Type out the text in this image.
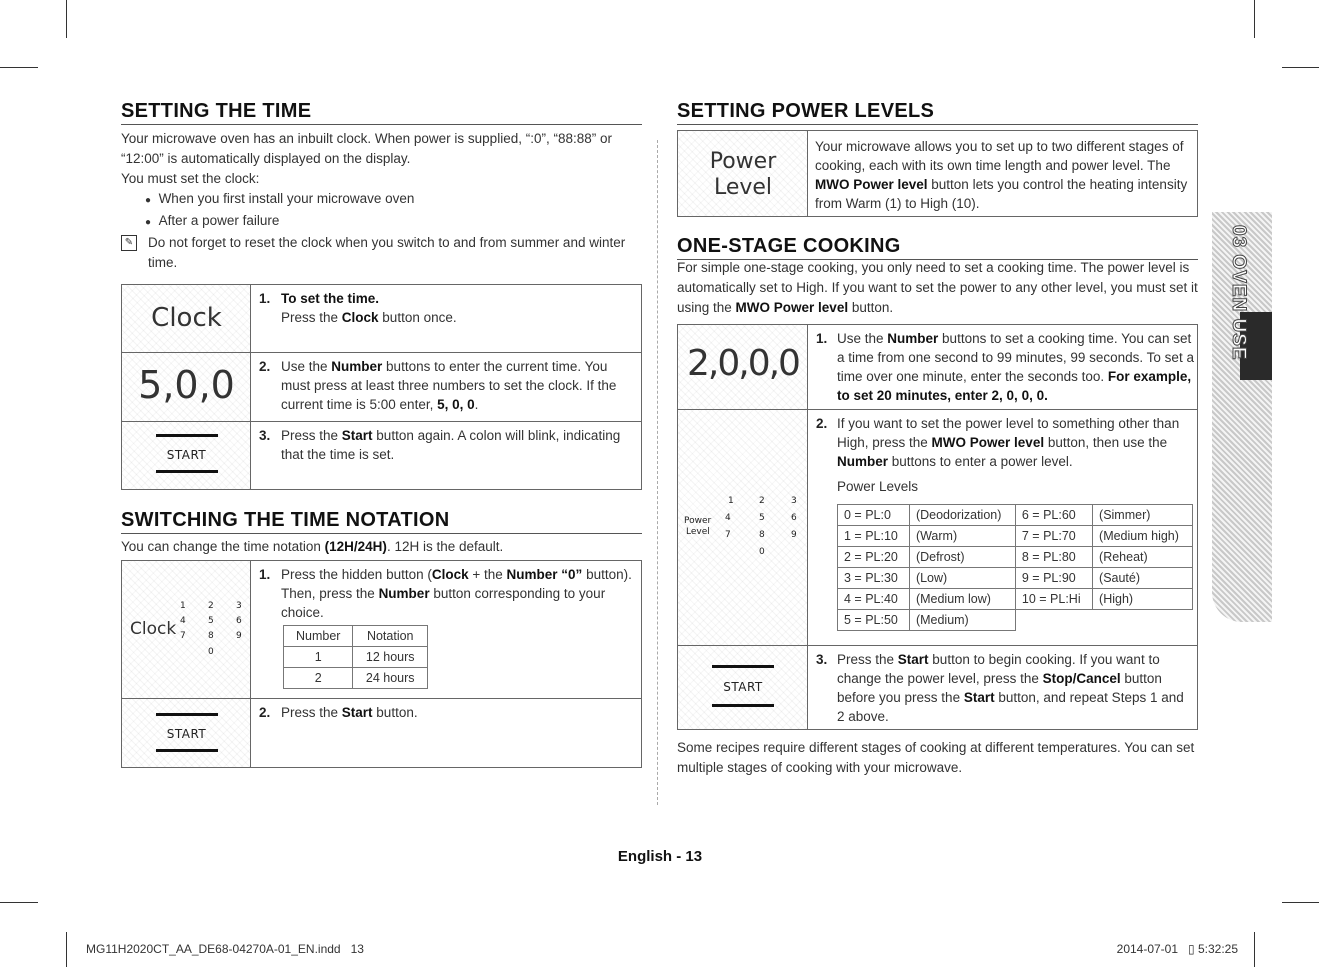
SETTING THE TIME
Your microwave oven has an inbuilt clock. When power is supplied, “:0”, “88:88” or
“12:00” is automatically displayed on the display.
You must set the clock:
● When you first install your microwave oven
● After a power failure
✎ Do not forget to reset the clock when you switch to and from summer and winter
time.
Clock
1. To set the time.
Press the Clock button once.
5,0,0	2. Use the Number buttons to enter the current time. You
must press at least three numbers to set the clock. If the
current time is 5:00 enter, 5, 0, 0.
START
3. Press the Start button again. A colon will blink, indicating
that the time is set.
SWITCHING THE TIME NOTATION
You can change the time notation (12H/24H). 12H is the default.
Clock
1 2 3
4 5 6
7 8 9
0
1. Press the hidden button (Clock + the Number “0” button).
Then, press the Number button corresponding to your
choice.
Number	Notation
1	12 hours
2	24 hours
START
2. Press the Start button.
SETTING POWER LEVELS
Power
Level
Your microwave allows you to set up to two different stages of
cooking, each with its own time length and power level. The
MWO Power level button lets you control the heating intensity
from Warm (1) to High (10).
ONE-STAGE COOKING
For simple one-stage cooking, you only need to set a cooking time. The power level is
automatically set to High. If you want to set the power to any other level, you must set it
using the MWO Power level button.
2,0,0,0
1. Use the Number buttons to set a cooking time. You can set
a time from one second to 99 minutes, 99 seconds. To set a
time over one minute, enter the seconds too. For example,
to set 20 minutes, enter 2, 0, 0, 0.
Power
Level
1	2	3
4	5	6
7	8	9
0
2. If you want to set the power level to something other than
High, press the MWO Power level button, then use the
Number buttons to enter a power level.
Power Levels
0 = PL:0	(Deodorization)	6 = PL:60	(Simmer)
1 = PL:10	(Warm)	7 = PL:70	(Medium high)
2 = PL:20	(Defrost)	8 = PL:80	(Reheat)
3 = PL:30	(Low)	9 = PL:90	(Sauté)
4 = PL:40	(Medium low)	10 = PL:Hi	(High)
5 = PL:50	(Medium)		
START
3. Press the Start button to begin cooking. If you want to
change the power level, press the Stop/Cancel button
before you press the Start button, and repeat Steps 1 and
2 above.
Some recipes require different stages of cooking at different temperatures. You can set
multiple stages of cooking with your microwave.
03 OVEN USE
English - 13
MG11H2020CT_AA_DE68-04270A-01_EN.indd   13	2014-07-01   ▯ 5:32:25
